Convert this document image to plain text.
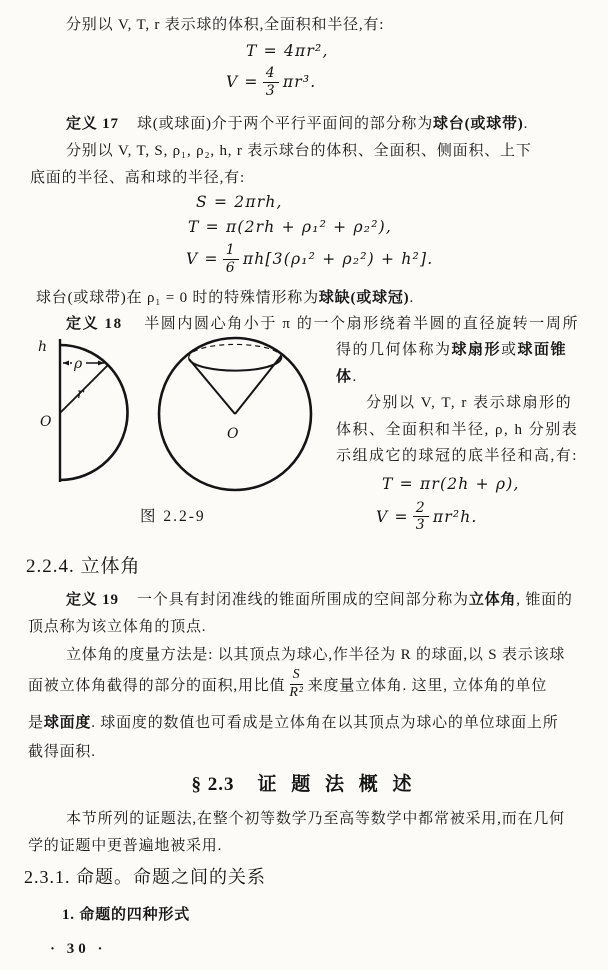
分别以 V, T, r 表示球的体积,全面积和半径,有:
T = 4πr²,
$V = \frac{4}{3} \pi r^3$.
定义 17 球(或球面)介于两个平行平面间的部分称为球台(或球带).
分别以 V, T, S, ρ₁, ρ₂, h, r 表示球台的体积、全面积、侧面积、上下
底面的半径、高和球的半径,有:
S = 2πrh,
T = π(2rh + ρ₁² + ρ₂²),
$V = \frac{1}{6} \pi h[3(\rho_1^2 + \rho_2^2) + h^2]$.
球台(或球带)在 ρ₁ = 0 时的特殊情形称为球缺(或球冠).
定义 18 半圆内圆心角小于 π 的一个扇形绕着半圆的直径旋转一周所
h
ρ
r
O
O
图 2.2-9
得的几何体称为球扇形或球面锥
体.
分别以 V, T, r 表示球扇形的
体积、全面积和半径, ρ, h 分别表
示组成它的球冠的底半径和高,有:
T = πr(2h + ρ),
$V = \frac{2}{3} \pi r^2h$.
2.2.4. 立体角
定义 19 一个具有封闭准线的锥面所围成的空间部分称为立体角, 锥面的
顶点称为该立体角的顶点.
立体角的度量方法是: 以其顶点为球心,作半径为 R 的球面,以 S 表示该球
面被立体角截得的部分的面积,用比值 $\frac{S}{\text{R²}}$ 来度量立体角. 这里, 立体角的单位
是球面度. 球面度的数值也可看成是立体角在以其顶点为球心的单位球面上所
截得面积.
§ 2.3 证 题 法 概 述
本节所列的证题法,在整个初等数学乃至高等数学中都常被采用,而在几何
学的证题中更普遍地被采用.
2.3.1. 命题。命题之间的关系
1. 命题的四种形式
· 30 ·
